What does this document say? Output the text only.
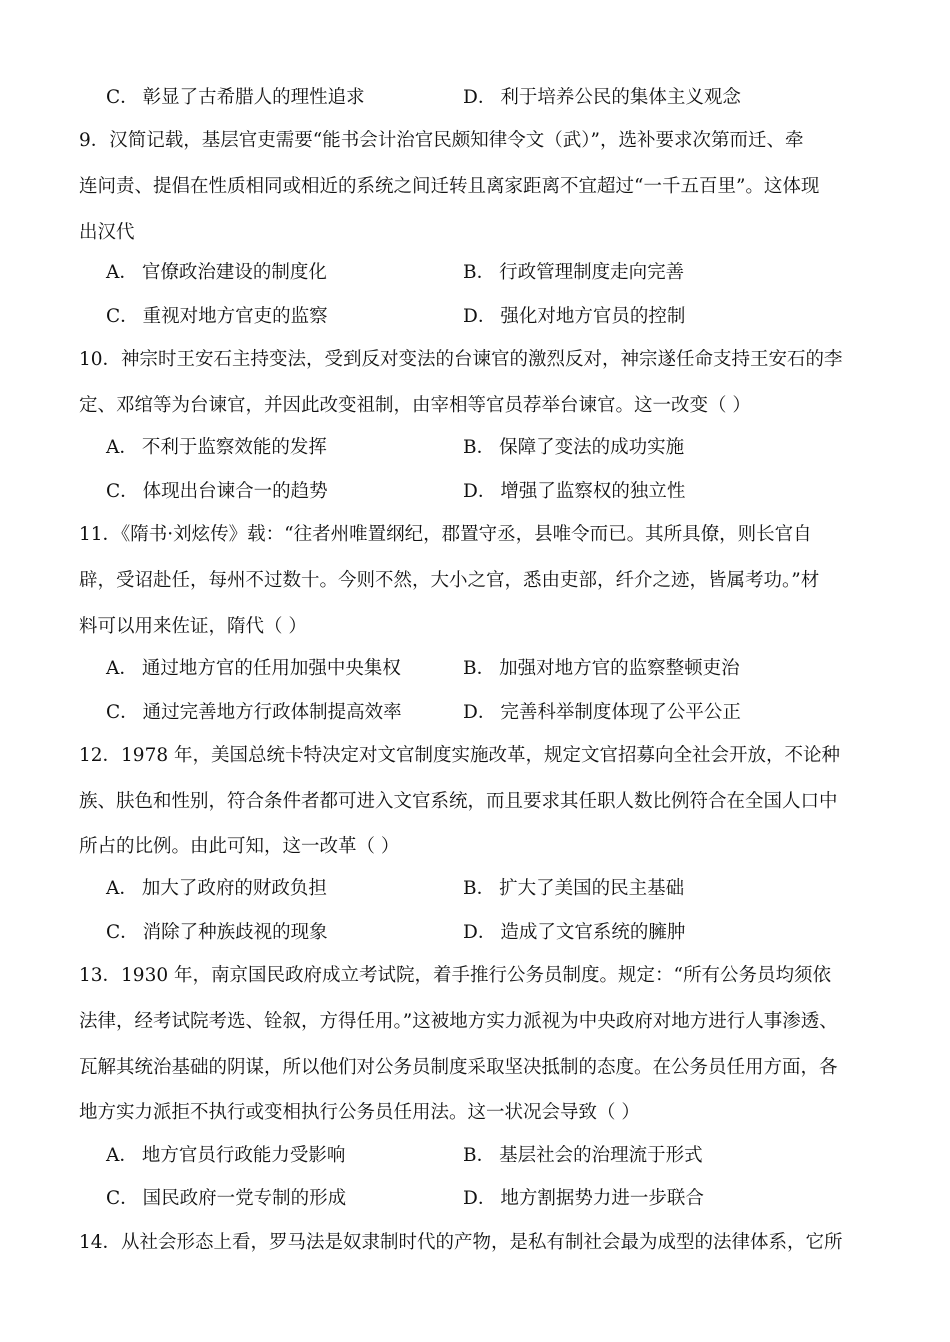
C． 彰显了古希腊人的理性追求	D． 利于培养公民的集体主义观念
9．汉简记载，基层官吏需要“能书会计治官民颇知律令文（武）”，选补要求次第而迁、牵
连问责、提倡在性质相同或相近的系统之间迁转且离家距离不宜超过“一千五百里”。这体现
出汉代
A． 官僚政治建设的制度化	B． 行政管理制度走向完善
C． 重视对地方官吏的监察	D． 强化对地方官员的控制
10．神宗时王安石主持变法，受到反对变法的台谏官的激烈反对，神宗遂任命支持王安石的李
定、邓绾等为台谏官，并因此改变祖制，由宰相等官员荐举台谏官。这一改变（ ）
A． 不利于监察效能的发挥	B． 保障了变法的成功实施
C． 体现出台谏合一的趋势	D． 增强了监察权的独立性
11．《隋书·刘炫传》载：“往者州唯置纲纪，郡置守丞，县唯令而已。其所具僚，则长官自
辟，受诏赴任，每州不过数十。今则不然，大小之官，悉由吏部，纤介之迹，皆属考功。”材
料可以用来佐证，隋代（ ）
A． 通过地方官的任用加强中央集权	B． 加强对地方官的监察整顿吏治
C． 通过完善地方行政体制提高效率	D． 完善科举制度体现了公平公正
12．1978 年，美国总统卡特决定对文官制度实施改革，规定文官招募向全社会开放，不论种
族、肤色和性别，符合条件者都可进入文官系统，而且要求其任职人数比例符合在全国人口中
所占的比例。由此可知，这一改革（ ）
A． 加大了政府的财政负担	B． 扩大了美国的民主基础
C． 消除了种族歧视的现象	D． 造成了文官系统的臃肿
13．1930 年，南京国民政府成立考试院，着手推行公务员制度。规定：“所有公务员均须依
法律，经考试院考选、铨叙，方得任用。”这被地方实力派视为中央政府对地方进行人事渗透、
瓦解其统治基础的阴谋，所以他们对公务员制度采取坚决抵制的态度。在公务员任用方面，各
地方实力派拒不执行或变相执行公务员任用法。这一状况会导致（ ）
A． 地方官员行政能力受影响	B． 基层社会的治理流于形式
C． 国民政府一党专制的形成	D． 地方割据势力进一步联合
14．从社会形态上看，罗马法是奴隶制时代的产物，是私有制社会最为成型的法律体系，它所
